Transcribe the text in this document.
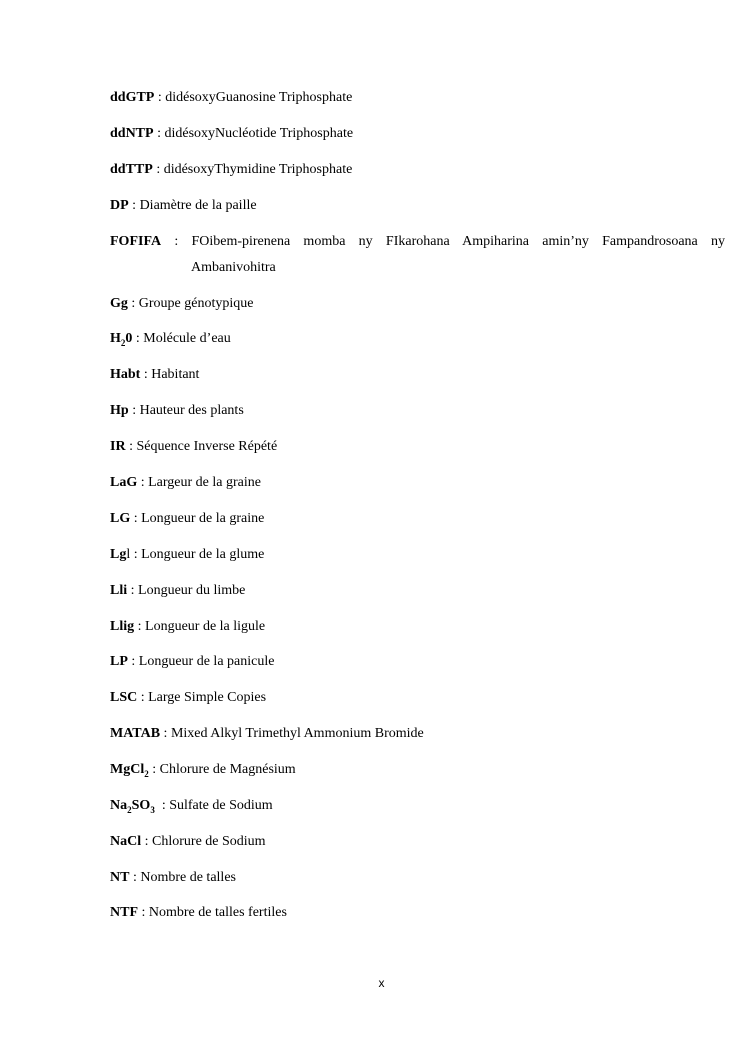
ddGTP : didésoxyGuanosine Triphosphate
ddNTP : didésoxyNucléotide Triphosphate
ddTTP : didésoxyThymidine Triphosphate
DP : Diamètre de la paille
FOFIFA : FOibem-pirenena momba ny FIkarohana Ampiharina amin’ny Fampandrosoana ny
Ambanivohitra
Gg : Groupe génotypique
$H_20$ : Molécule d’eau
Habt : Habitant
Hp : Hauteur des plants
IR : Séquence Inverse Répété
LaG : Largeur de la graine
LG : Longueur de la graine
Lgl : Longueur de la glume
Lli : Longueur du limbe
Llig : Longueur de la ligule
LP : Longueur de la panicule
LSC : Large Simple Copies
MATAB : Mixed Alkyl Trimethyl Ammonium Bromide
MgCl$_2$ : Chlorure de Magnésium
$Na_2SO_3$  : Sulfate de Sodium
NaCl : Chlorure de Sodium
NT : Nombre de talles
NTF : Nombre de talles fertiles
x
